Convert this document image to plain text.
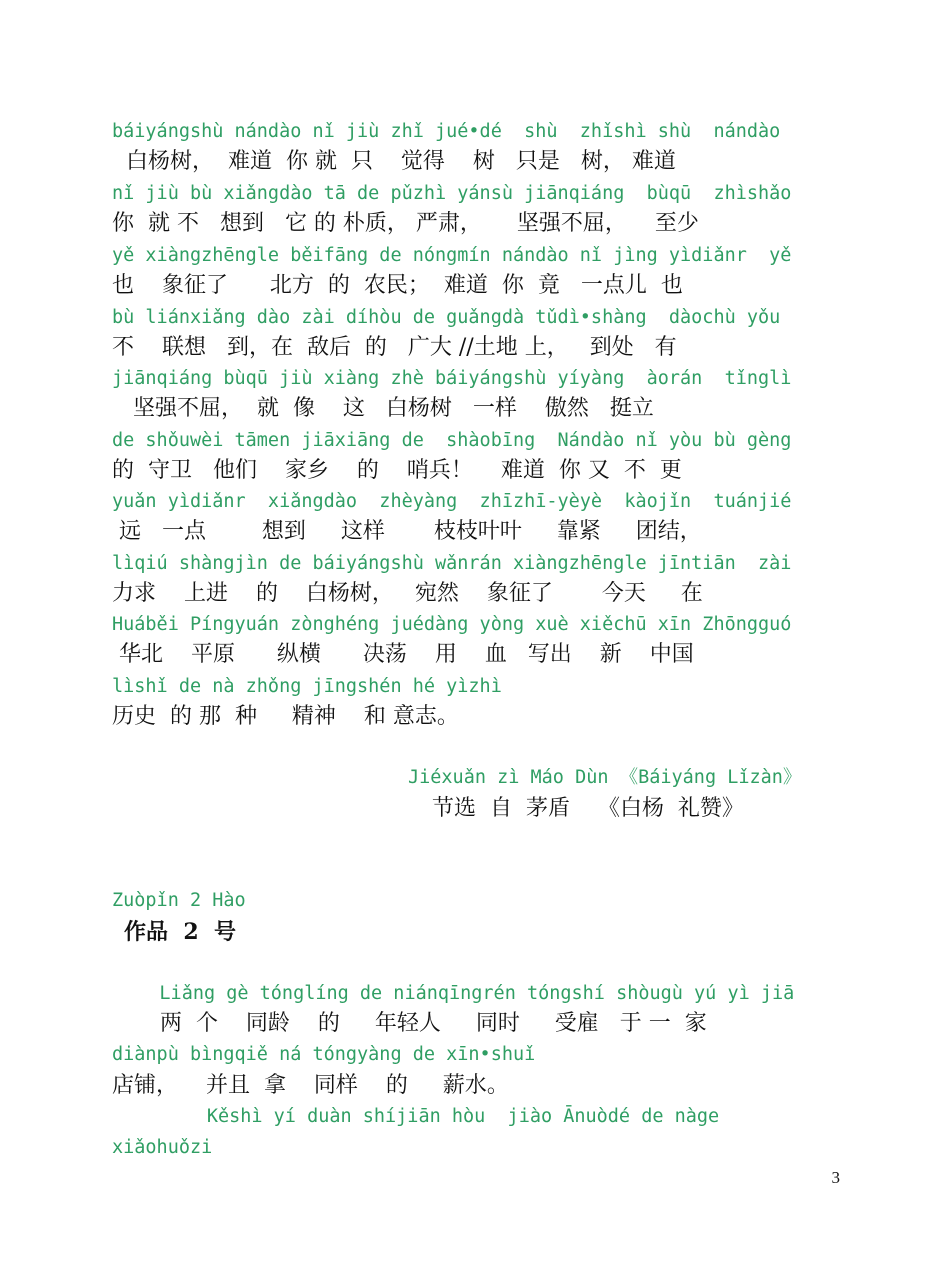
báiyángshù nándào nǐ jiù zhǐ jué•dé  shù  zhǐshì shù  nándào
白杨树，  难道  你 就  只    觉得    树   只是   树， 难道
nǐ jiù bù xiǎngdào tā de pǔzhì yánsù jiānqiáng  bùqū  zhìshǎo
你  就 不   想到   它 的 朴质， 严肃，     坚强不屈，    至少
yě xiàngzhēngle běifāng de nóngmín nándào nǐ jìng yìdiǎnr  yě
也    象征了      北方  的  农民；  难道  你  竟   一点儿  也
bù liánxiǎng dào zài díhòu de guǎngdà tǔdì•shàng  dàochù yǒu
不    联想   到，在  敌后  的   广大 //土地 上，   到处   有
jiānqiáng bùqū jiù xiàng zhè báiyángshù yíyàng  àorán  tǐnglì
坚强不屈，  就  像    这   白杨树   一样    傲然   挺立
de shǒuwèi tāmen jiāxiāng de  shàobīng  Nándào nǐ yòu bù gèng
的  守卫   他们    家乡    的    哨兵！    难道  你 又  不  更
yuǎn yìdiǎnr  xiǎngdào  zhèyàng  zhīzhī-yèyè  kàojǐn  tuánjié
远   一点        想到     这样       枝枝叶叶     靠紧     团结，
lìqiú shàngjìn de báiyángshù wǎnrán xiàngzhēngle jīntiān  zài
力求    上进    的    白杨树，   宛然    象征了       今天     在
Huáběi Píngyuán zònghéng juédàng yòng xuè xiěchū xīn Zhōngguó
华北    平原      纵横      决荡    用    血   写出    新    中国
lìshǐ de nà zhǒng jīngshén hé yìzhì
历史  的 那  种     精神    和 意志。
Jiéxuǎn zì Máo Dùn 《Báiyáng Lǐzàn》
节选  自  茅盾    《白杨  礼赞》
Zuòpǐn 2 Hào
作品  2  号
Liǎng gè tónglíng de niánqīngrén tóngshí shòugù yú yì jiā
两  个    同龄    的     年轻人     同时     受雇   于 一  家
diànpù bìngqiě ná tóngyàng de xīn•shuǐ
店铺，    并且  拿    同样    的     薪水。
Kěshì yí duàn shíjiān hòu  jiào Ānuòdé de nàge
xiǎohuǒzi
3
